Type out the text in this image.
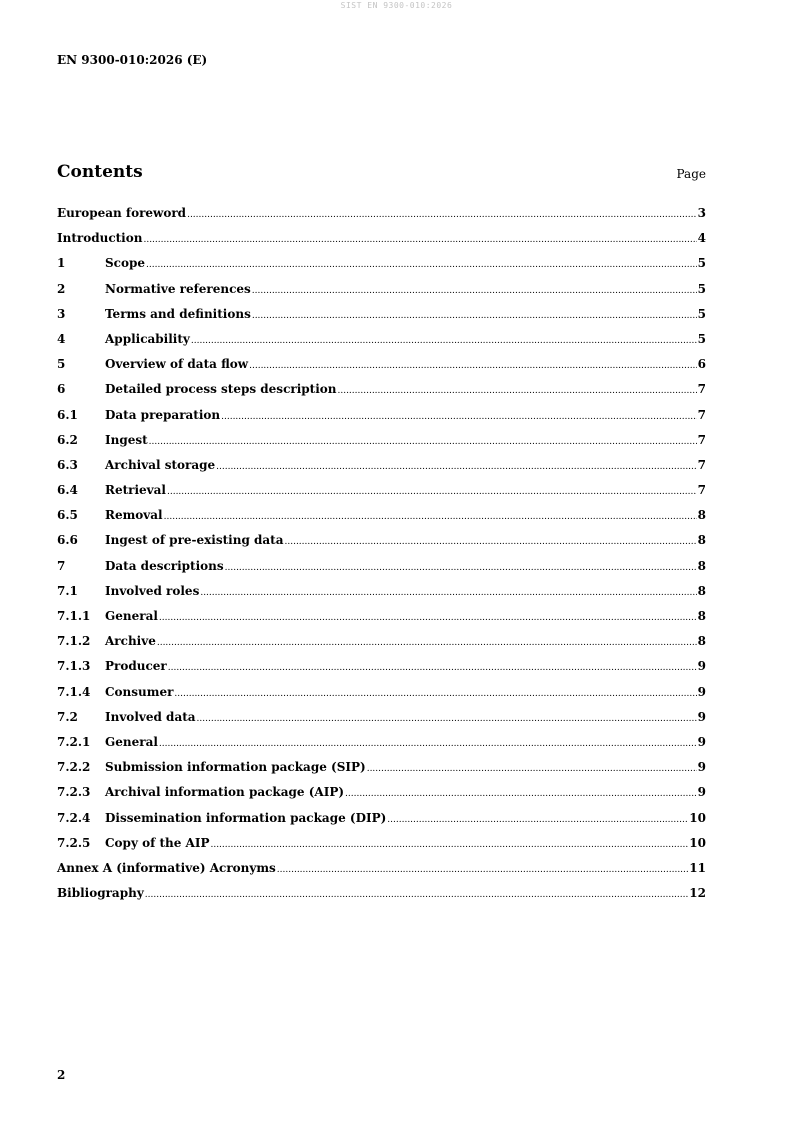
SIST EN 9300-010:2026
EN 9300-010:2026 (E)
Contents	Page
European foreword .....	3
Introduction .....	4
1	Scope .....	5
2	Normative references .....	5
3	Terms and definitions .....	5
4	Applicability .....	5
5	Overview of data flow .....	6
6	Detailed process steps description .....	7
6.1	Data preparation .....	7
6.2	Ingest .....	7
6.3	Archival storage .....	7
6.4	Retrieval .....	7
6.5	Removal .....	8
6.6	Ingest of pre-existing data .....	8
7	Data descriptions .....	8
7.1	Involved roles .....	8
7.1.1	General .....	8
7.1.2	Archive .....	8
7.1.3	Producer .....	9
7.1.4	Consumer .....	9
7.2	Involved data .....	9
7.2.1	General .....	9
7.2.2	Submission information package (SIP) .....	9
7.2.3	Archival information package (AIP) .....	9
7.2.4	Dissemination information package (DIP) .....	10
7.2.5	Copy of the AIP .....	10
Annex A (informative) Acronyms .....	11
Bibliography .....	12
2
